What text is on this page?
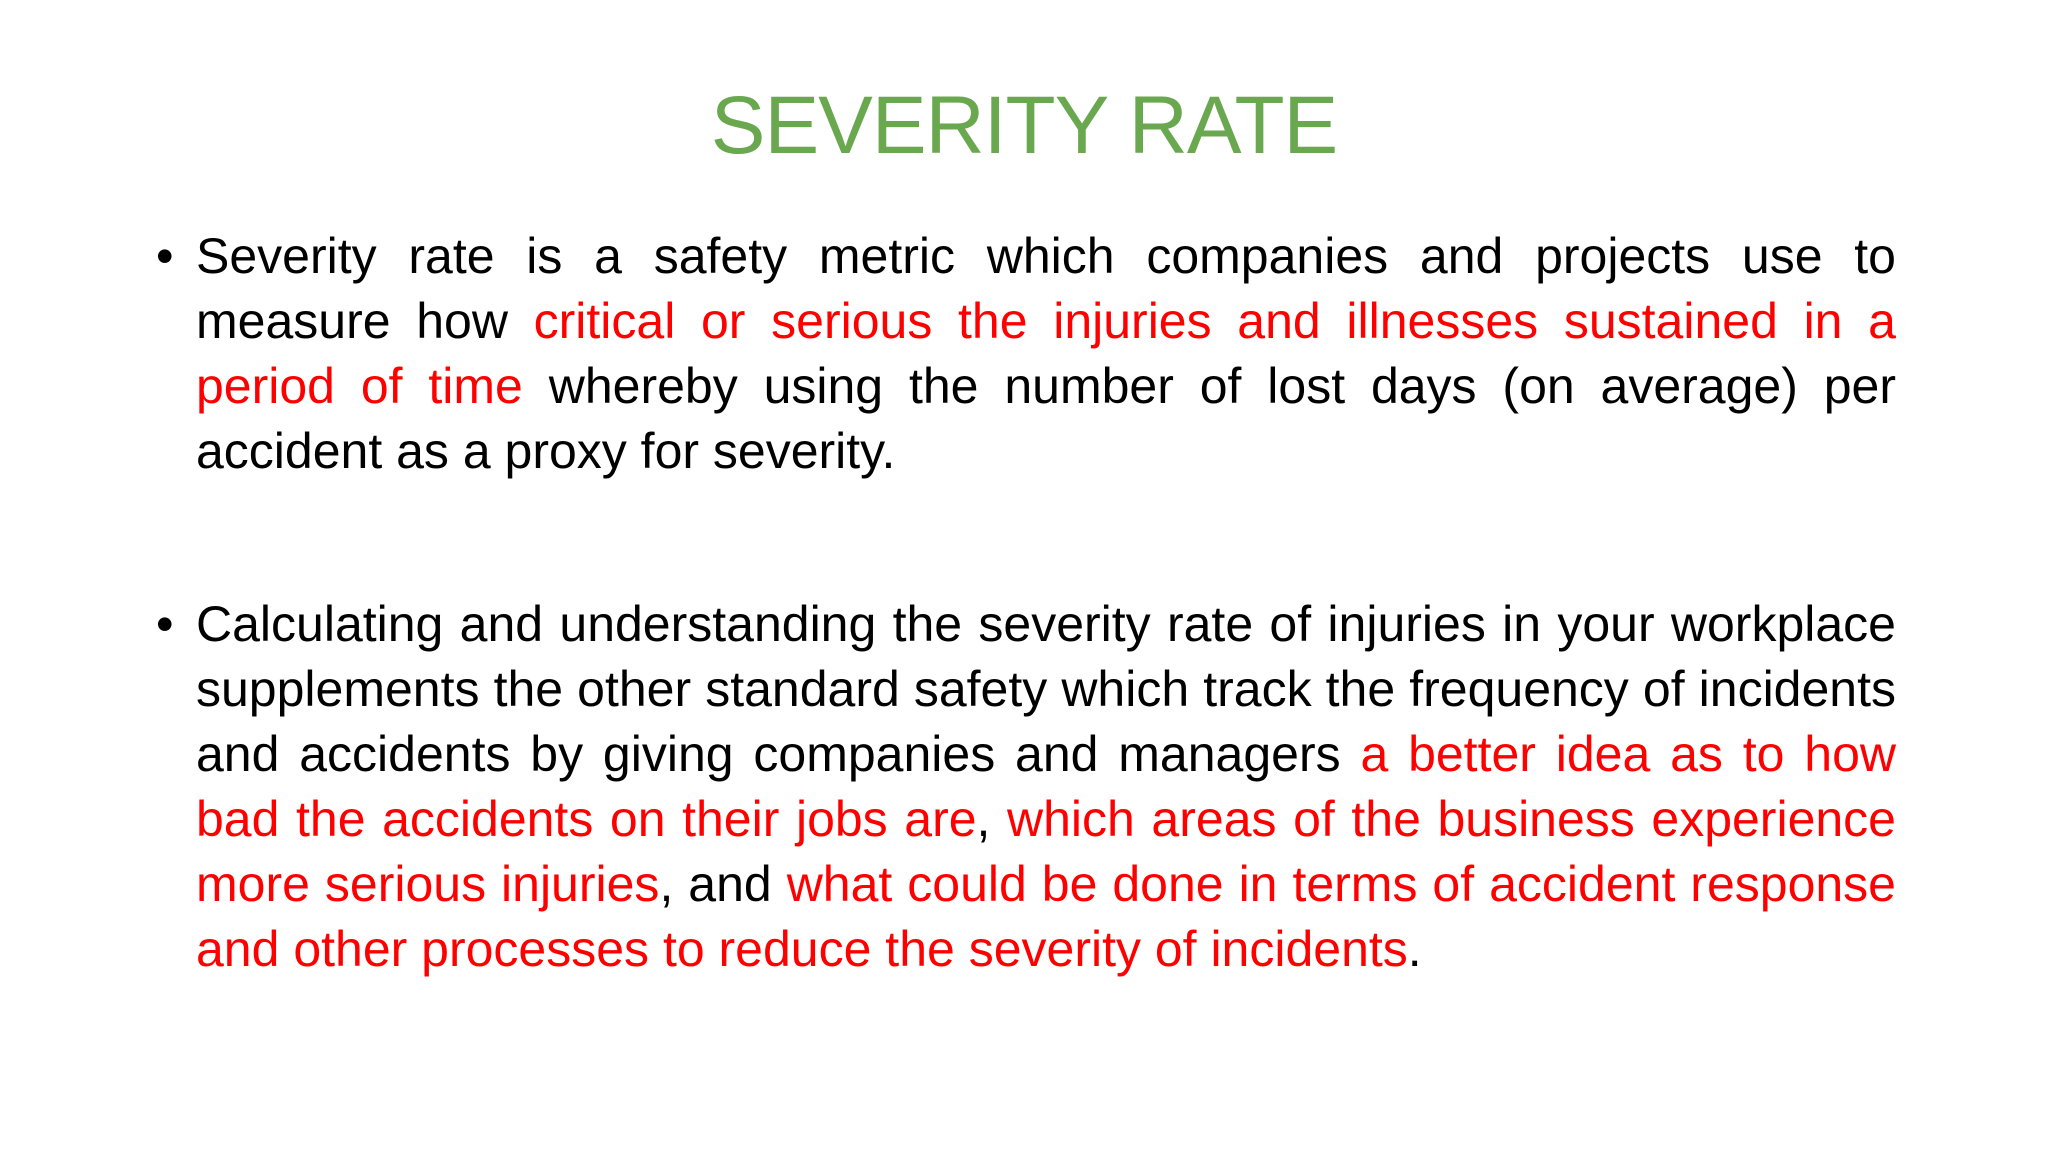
SEVERITY RATE

• Severity rate is a safety metric which companies and projects use to measure how critical or serious the injuries and illnesses sustained in a period of time whereby using the number of lost days (on average) per accident as a proxy for severity.

• Calculating and understanding the severity rate of injuries in your workplace supplements the other standard safety which track the frequency of incidents and accidents by giving companies and managers a better idea as to how bad the accidents on their jobs are, which areas of the business experience more serious injuries, and what could be done in terms of accident response and other processes to reduce the severity of incidents.
